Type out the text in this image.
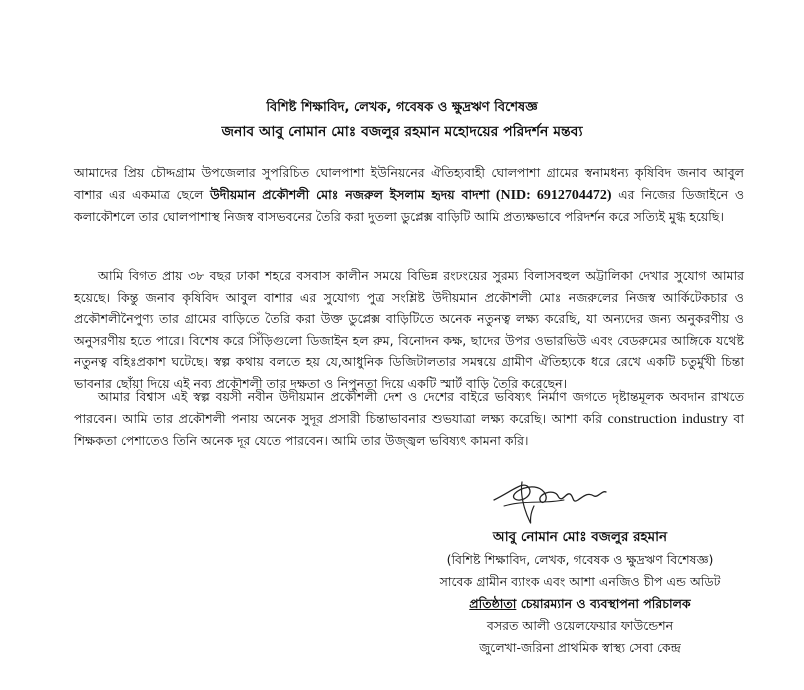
বিশিষ্ট শিক্ষাবিদ, লেখক, গবেষক ও ক্ষুদ্রঋণ বিশেষজ্ঞ
জনাব আবু নোমান মোঃ বজলুর রহমান মহোদয়ের পরিদর্শন মন্তব্য
আমাদের প্রিয় চৌদ্দগ্রাম উপজেলার সুপরিচিত ঘোলপাশা ইউনিয়নের ঐতিহ্যবাহী ঘোলপাশা গ্রামের স্বনামধন্য কৃষিবিদ জনাব আবুল বাশার এর একমাত্র ছেলে উদীয়মান প্রকৌশলী মোঃ নজরুল ইসলাম হৃদয় বাদশা (NID: 6912704472) এর নিজের ডিজাইনে ও কলাকৌশলে তার ঘোলপাশাস্থ নিজস্ব বাসভবনের তৈরি করা দুতলা ডুপ্লেক্স বাড়িটি আমি প্রত্যক্ষভাবে পরিদর্শন করে সত্যিই মুগ্ধ হয়েছি।
আমি বিগত প্রায় ৩৮ বছর ঢাকা শহরে বসবাস কালীন সময়ে বিভিন্ন রংঢংয়ের সুরম্য বিলাসবহুল অট্টালিকা দেখার সুযোগ আমার হয়েছে। কিন্তু জনাব কৃষিবিদ আবুল বাশার এর সুযোগ্য পুত্র সংশ্লিষ্ট উদীয়মান প্রকৌশলী মোঃ নজরুলের নিজস্ব আর্কিটেকচার ও প্রকৌশলীনৈপুণ্য তার গ্রামের বাড়িতে তৈরি করা উক্ত ডুপ্লেক্স বাড়িটিতে অনেক নতুনত্ব লক্ষ্য করেছি, যা অন্যদের জন্য অনুকরণীয় ও অনুসরণীয় হতে পারে। বিশেষ করে সিঁড়িগুলো ডিজাইন হল রুম, বিনোদন কক্ষ, ছাদের উপর ওভারভিউ এবং বেডরুমের আঙ্গিকে যথেষ্ট নতুনত্ব বহিঃপ্রকাশ ঘটেছে। স্বল্প কথায় বলতে হয় যে,আধুনিক ডিজিটালতার সমন্বয়ে গ্রামীণ ঐতিহ্যকে ধরে রেখে একটি চতুর্মুখী চিন্তা ভাবনার ছোঁয়া দিয়ে এই নব্য প্রকৌশলী তার দক্ষতা ও নিপুনতা দিয়ে একটি স্মার্ট বাড়ি তৈরি করেছেন।
আমার বিশ্বাস এই স্বল্প বয়সী নবীন উদীয়মান প্রকৌশলী দেশ ও দেশের বাইরে ভবিষ্যৎ নির্মাণ জগতে দৃষ্টান্তমূলক অবদান রাখতে পারবেন। আমি তার প্রকৌশলী পনায় অনেক সুদূর প্রসারী চিন্তাভাবনার শুভযাত্রা লক্ষ্য করেছি। আশা করি construction industry বা শিক্ষকতা পেশাতেও তিনি অনেক দূর যেতে পারবেন। আমি তার উজ্জ্বল ভবিষ্যৎ কামনা করি।
আবু নোমান মোঃ বজলুর রহমান
(বিশিষ্ট শিক্ষাবিদ, লেখক, গবেষক ও ক্ষুদ্রঋণ বিশেষজ্ঞ)
সাবেক গ্রামীন ব্যাংক এবং আশা এনজিও চীপ এন্ড অডিট
প্রতিষ্ঠাতা চেয়ারম্যান ও ব্যবস্থাপনা পরিচালক
বসরত আলী ওয়েলফেয়ার ফাউন্ডেশন
জুলেখা-জরিনা প্রাথমিক স্বাস্থ্য সেবা কেন্দ্র
